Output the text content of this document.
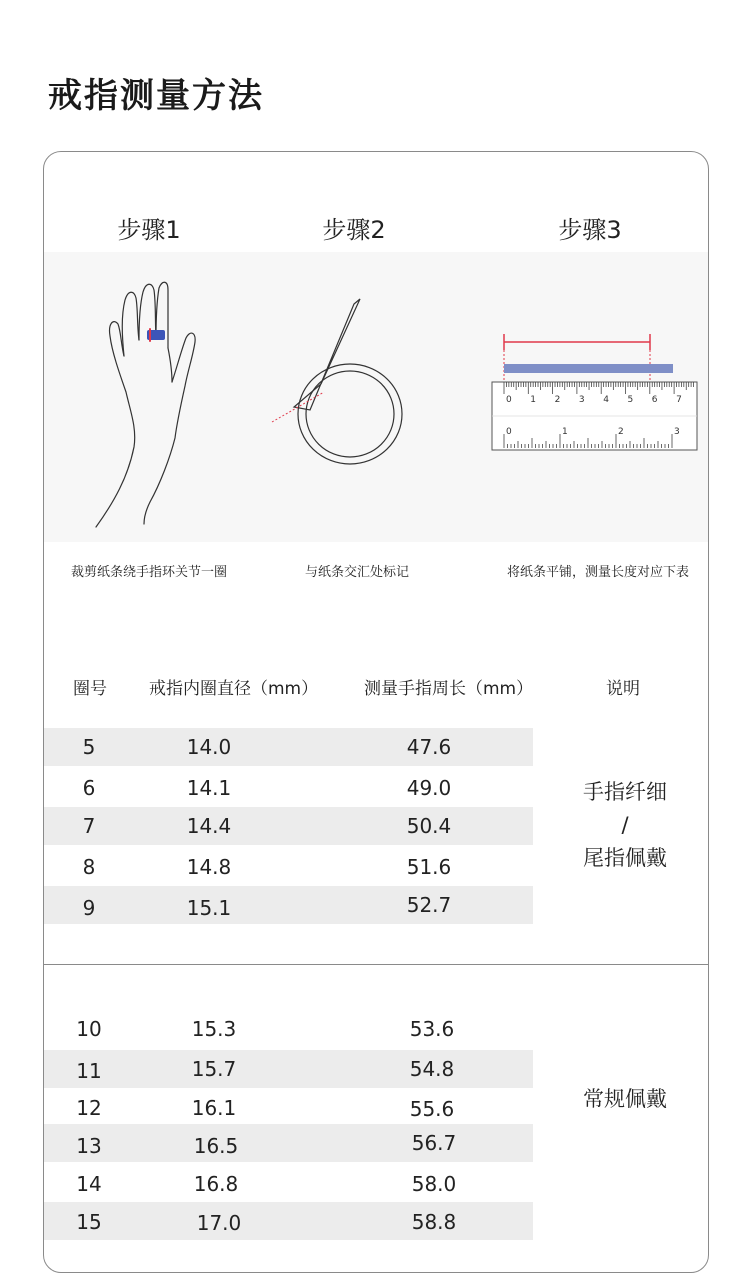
戒指测量方法
步骤1	步骤2	步骤3
0 1 2 3 4 5 6 7
0	1	2	3
裁剪纸条绕手指环关节一圈	与纸条交汇处标记	将纸条平铺，测量长度对应下表
圈号 戒指内圈直径（mm）	测量手指周长（mm）	说明
5	14.0	47.6
6	14.1	49.0
7	14.4	50.4
8	14.8	51.6
9	15.1	52.7
手指纤细
/
尾指佩戴
10	15.3	53.6
11	15.7	54.8
12	16.1	55.6
13	16.5	56.7
14	16.8	58.0
15	17.0	58.8
常规佩戴
